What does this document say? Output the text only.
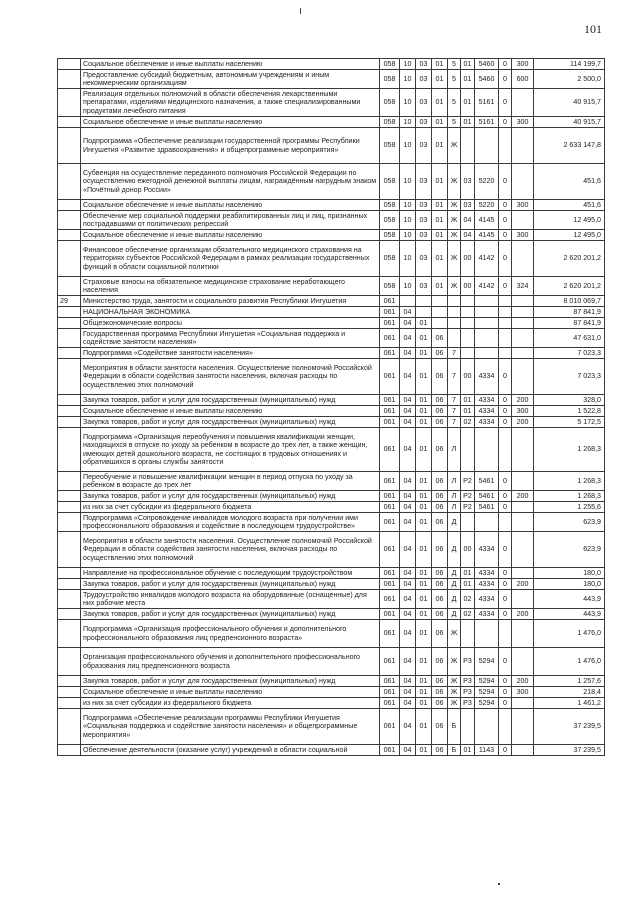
101
	Социальное обеспечение и иные выплаты населению	058	10	03	01	5	01	5460	0	300	114 199,7
	Предоставление субсидий бюджетным, автономным учреждениям и иным некоммерческим организациям	058	10	03	01	5	01	5460	0	600	2 500,0
	Реализация отдельных полномочий в области обеспечения лекарственными препаратами, изделиями медицинского назначения, а также специализированными продуктами лечебного питания	058	10	03	01	5	01	5161	0		40 915,7
	Социальное обеспечение и иные выплаты населению	058	10	03	01	5	01	5161	0	300	40 915,7
	Подпрограмма «Обеспечение реализации государственной программы Республики Ингушетия «Развитие здравоохранения» и общепрограммные мероприятия»	058	10	03	01	Ж					2 633 147,8
	Субвенция на осуществление переданного полномочия Российской Федерации по осуществлению ежегодной денежной выплаты лицам, награждённым нагрудным знаком «Почётный донор России»	058	10	03	01	Ж	03	5220	0		451,6
	Социальное обеспечение и иные выплаты населению	058	10	03	01	Ж	03	5220	0	300	451,6
	Обеспечение мер социальной поддержки реабилитированных лиц и лиц, признанных пострадавшими от политических репрессий	058	10	03	01	Ж	04	4145	0		12 495,0
	Социальное обеспечение и иные выплаты населению	058	10	03	01	Ж	04	4145	0	300	12 495,0
	Финансовое обеспечение организации обязательного медицинского страхования на территориях субъектов Российской Федерации в рамках реализации государственных функций в области социальной политики	058	10	03	01	Ж	00	4142	0		2 620 201,2
	Страховые взносы на обязательное медицинское страхование неработающего населения	058	10	03	01	Ж	00	4142	0	324	2 620 201,2
29	Министерство труда, занятости и социального развития Республики Ингушетия	061									8 010 069,7
	НАЦИОНАЛЬНАЯ ЭКОНОМИКА	061	04								87 841,9
	Общеэкономические вопросы	061	04	01							87 841,9
	Государственная программа Республики Ингушетия «Социальная поддержка и содействие занятости населения»	061	04	01	06						47 631,0
	Подпрограмма «Содействие занятости населения»	061	04	01	06	7					7 023,3
	Мероприятия в области занятости населения. Осуществление полномочий Российской Федерации в области содействия занятости населения, включая расходы по осуществлению этих полномочий	061	04	01	06	7	00	4334	0		7 023,3
	Закупка товаров, работ и услуг для государственных (муниципальных) нужд	061	04	01	06	7	01	4334	0	200	328,0
	Социальное обеспечение и иные выплаты населению	061	04	01	06	7	01	4334	0	300	1 522,8
	Закупка товаров, работ и услуг для государственных (муниципальных) нужд	061	04	01	06	7	02	4334	0	200	5 172,5
	Подпрограмма «Организация переобучения и повышения квалификации женщин, находящихся в отпуске по уходу за ребенком в возрасте до трех лет, а также женщин, имеющих детей дошкольного возраста, не состоящих в трудовых отношениях и обратившихся в органы службы занятости	061	04	01	06	Л					1 268,3
	Переобучение и повышение квалификации женщин в период отпуска по уходу за ребенком в возрасте до трех лет	061	04	01	06	Л	Р2	5461	0		1 268,3
	Закупка товаров, работ и услуг для государственных (муниципальных) нужд	061	04	01	06	Л	Р2	5461	0	200	1 268,3
	из них за счет субсидии из федерального бюджета	061	04	01	06	Л	Р2	5461	0		1 255,6
	Подпрограмма «Сопровождение инвалидов молодого возраста при получении ими профессионального образования и содействие в последующем трудоустройстве»	061	04	01	06	Д					623,9
	Мероприятия в области занятости населения. Осуществление полномочий Российской Федерации в области содействия занятости населения, включая расходы по осуществлению этих полномочий	061	04	01	06	Д	00	4334	0		623,9
	Направление на профессиональное обучение с последующим трудоустройством	061	04	01	06	Д	01	4334	0		180,0
	Закупка товаров, работ и услуг для государственных (муниципальных) нужд	061	04	01	06	Д	01	4334	0	200	180,0
	Трудоустройство инвалидов молодого возраста на оборудованные (оснащенные) для них рабочие места	061	04	01	06	Д	02	4334	0		443,9
	Закупка товаров, работ и услуг для государственных (муниципальных) нужд	061	04	01	06	Д	02	4334	0	200	443,9
	Подпрограмма «Организация профессионального обучения и дополнительного профессионального образования лиц предпенсионного возраста»	061	04	01	06	Ж					1 476,0
	Организация профессионального обучения и дополнительного профессионального образования лиц предпенсионного возраста	061	04	01	06	Ж	Р3	5294	0		1 476,0
	Закупка товаров, работ и услуг для государственных (муниципальных) нужд	061	04	01	06	Ж	Р3	5294	0	200	1 257,6
	Социальное обеспечение и иные выплаты населению	061	04	01	06	Ж	Р3	5294	0	300	218,4
	из них за счет субсидии из федерального бюджета	061	04	01	06	Ж	Р3	5294	0		1 461,2
	Подпрограмма «Обеспечение реализации программы Республики Ингушетия «Социальная поддержка и содействие занятости населения» и общепрограммные мероприятия»	061	04	01	06	Б					37 239,5
	Обеспечение деятельности (оказание услуг) учреждений в области социальной	061	04	01	06	Б	01	1143	0		37 239,5
